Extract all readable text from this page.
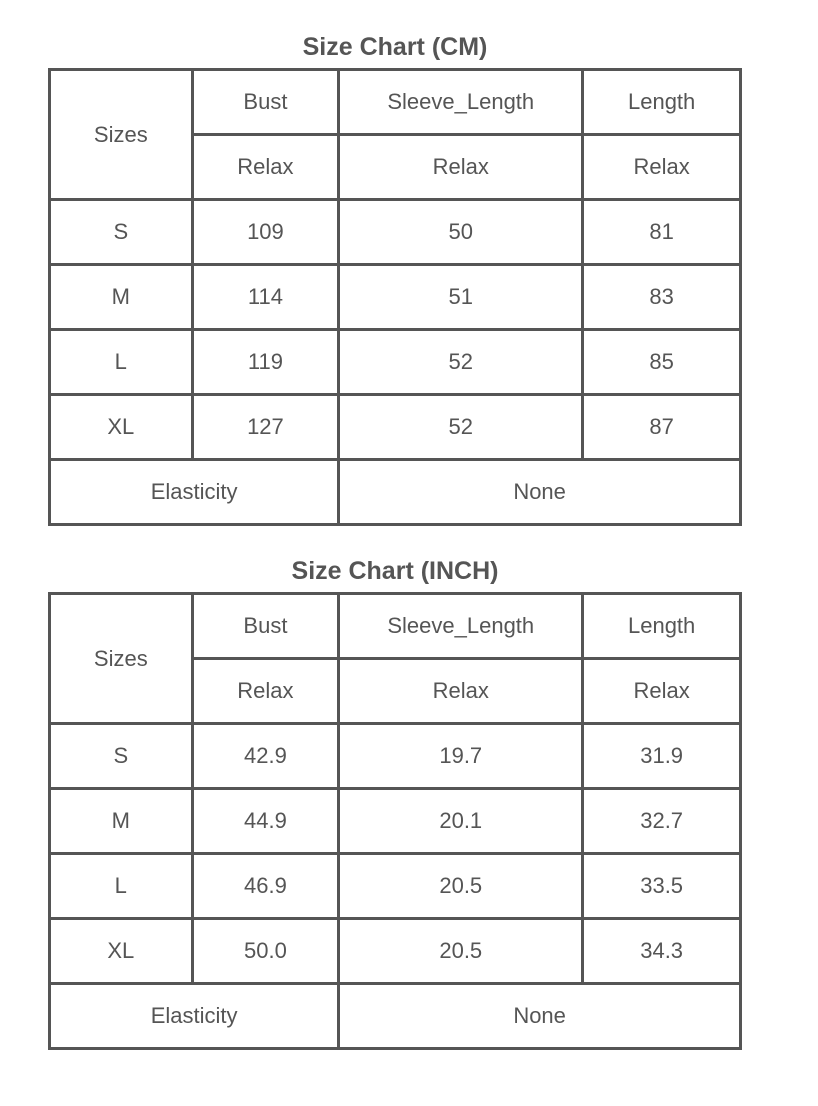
Size Chart (CM)
Sizes	Bust	Sleeve_Length	Length
	Relax	Relax	Relax
S	109	50	81
M	114	51	83
L	119	52	85
XL	127	52	87
Elasticity		None	
Size Chart (INCH)
Sizes	Bust	Sleeve_Length	Length
	Relax	Relax	Relax
S	42.9	19.7	31.9
M	44.9	20.1	32.7
L	46.9	20.5	33.5
XL	50.0	20.5	34.3
Elasticity		None	
